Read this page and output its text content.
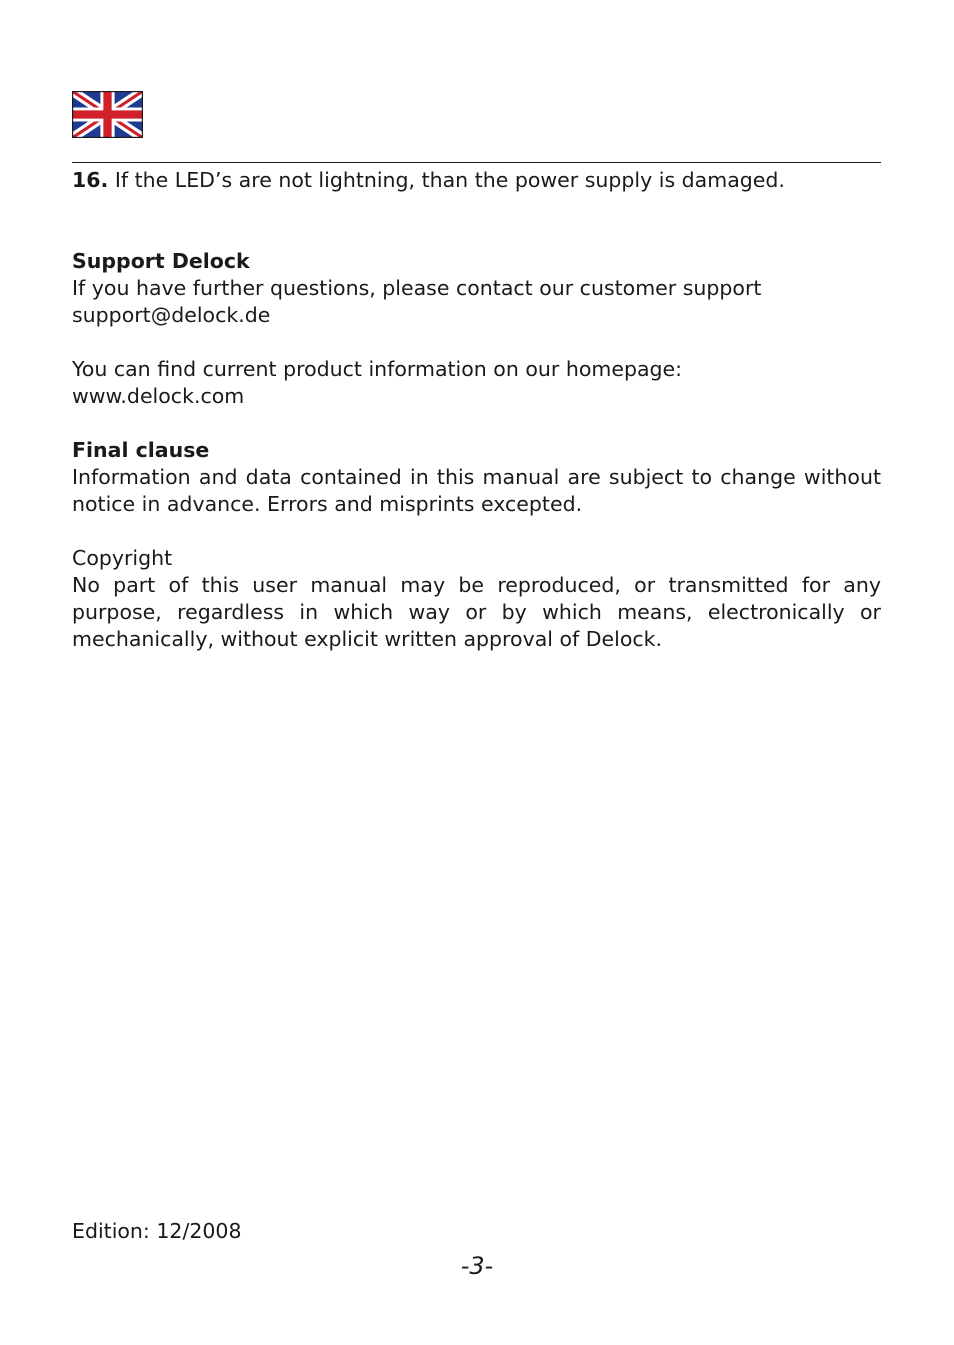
16. If the LED’s are not lightning, than the power supply is damaged.

Support Delock

If you have further questions, please contact our customer support

support@delock.de

You can find current product information on our homepage:

www.delock.com

Final clause

Information and data contained in this manual are subject to change without notice in advance. Errors and misprints excepted.

Copyright

No part of this user manual may be reproduced, or transmitted for any purpose, regardless in which way or by which means, electronically or mechanically, without explicit written approval of Delock.

Edition: 12/2008
-3-
